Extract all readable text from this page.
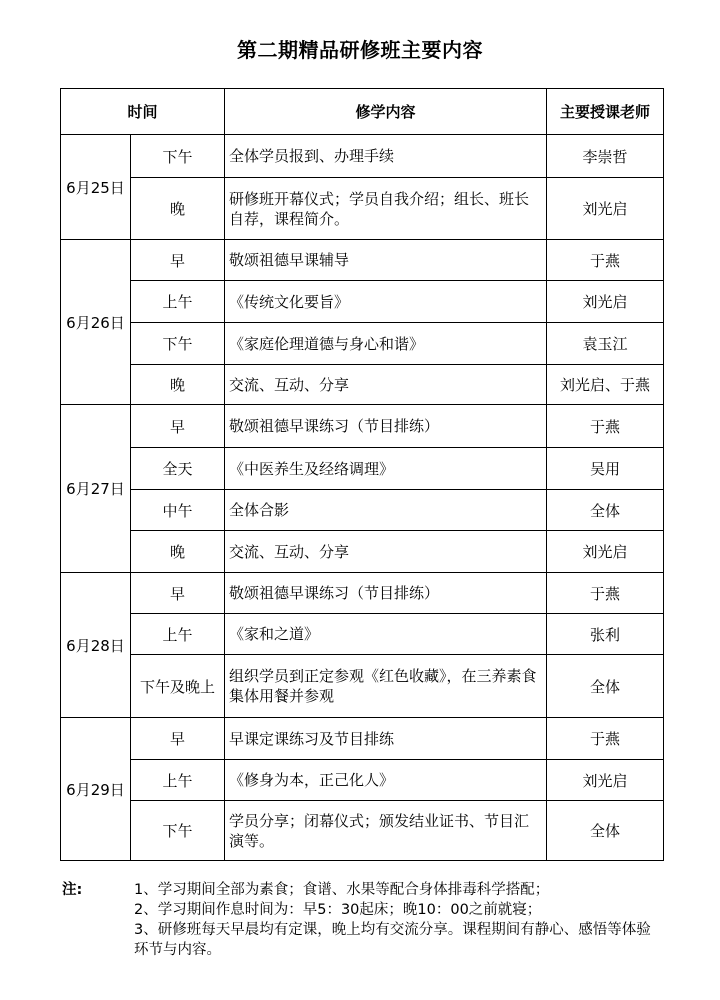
第二期精品研修班主要内容
时间		修学内容	主要授课老师
6月25日	下午	全体学员报到、办理手续	李崇哲
	晚	研修班开幕仪式；学员自我介绍；组长、班长自荐，课程简介。	刘光启
6月26日	早	敬颂祖德早课辅导	于燕
	上午	《传统文化要旨》	刘光启
	下午	《家庭伦理道德与身心和谐》	袁玉江
	晚	交流、互动、分享	刘光启、于燕
6月27日	早	敬颂祖德早课练习（节目排练）	于燕
	全天	《中医养生及经络调理》	吴用
	中午	全体合影	全体
	晚	交流、互动、分享	刘光启
6月28日	早	敬颂祖德早课练习（节目排练）	于燕
	上午	《家和之道》	张利
	下午及晚上	组织学员到正定参观《红色收藏》，在三养素食集体用餐并参观	全体
6月29日	早	早课定课练习及节目排练	于燕
	上午	《修身为本，正己化人》	刘光启
	下午	学员分享；闭幕仪式；颁发结业证书、节目汇演等。	全体
注:	1、学习期间全部为素食；食谱、水果等配合身体排毒科学搭配；
2、学习期间作息时间为：早5：30起床；晚10：00之前就寝；
3、研修班每天早晨均有定课，晚上均有交流分享。课程期间有静心、感悟等体验环节与内容。
